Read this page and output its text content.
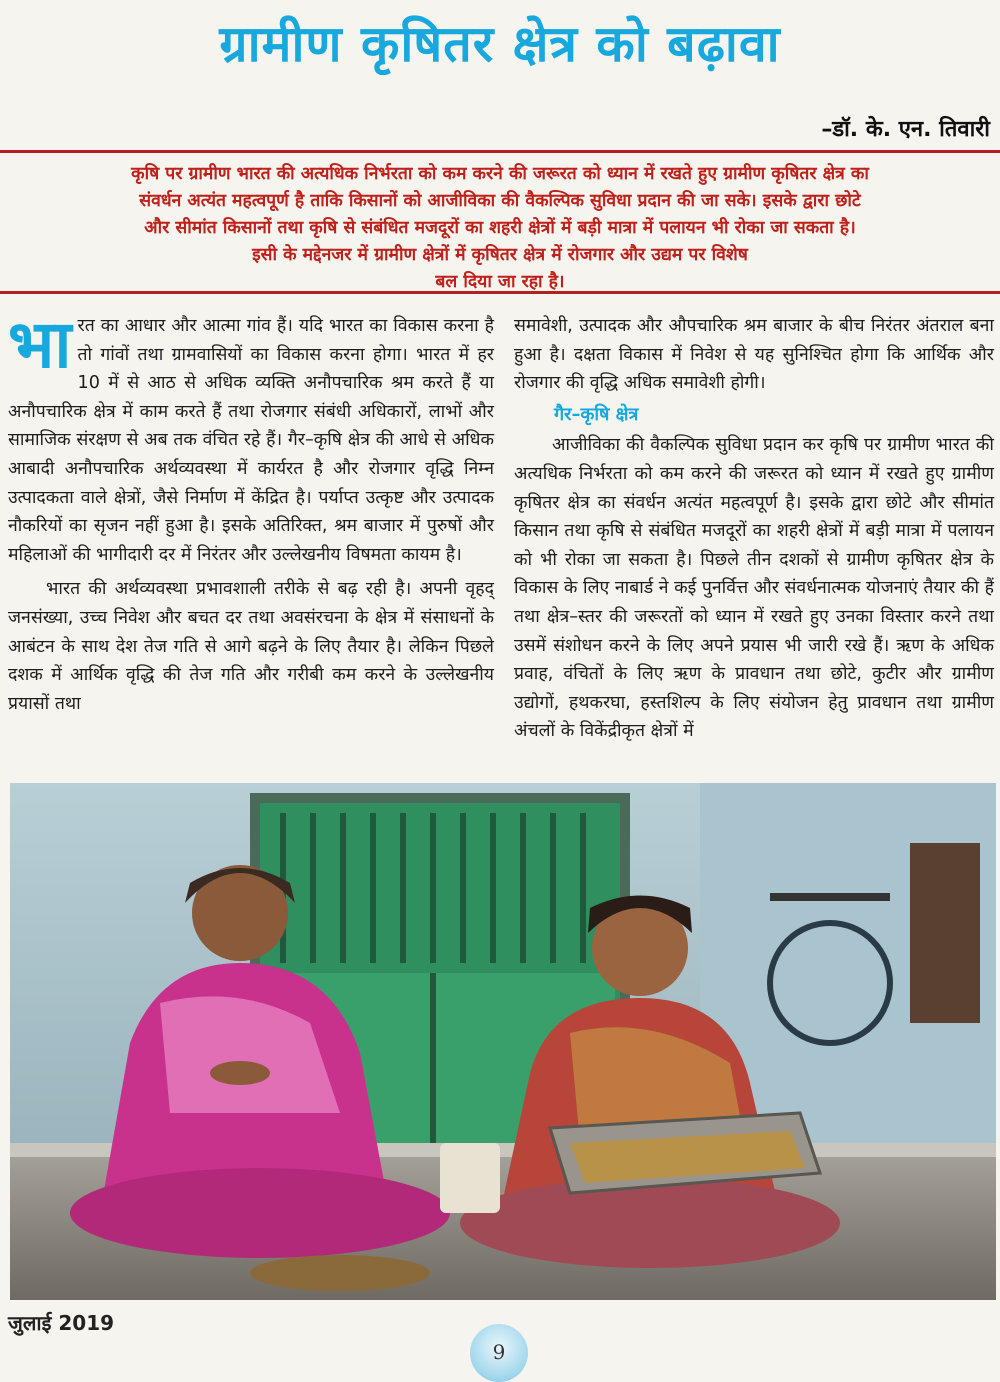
ग्रामीण कृषितर क्षेत्र को बढ़ावा
–डॉ. के. एन. तिवारी
कृषि पर ग्रामीण भारत की अत्यधिक निर्भरता को कम करने की जरूरत को ध्यान में रखते हुए ग्रामीण कृषितर क्षेत्र का
संवर्धन अत्यंत महत्वपूर्ण है ताकि किसानों को आजीविका की वैकल्पिक सुविधा प्रदान की जा सके। इसके द्वारा छोटे
और सीमांत किसानों तथा कृषि से संबंधित मजदूरों का शहरी क्षेत्रों में बड़ी मात्रा में पलायन भी रोका जा सकता है।
इसी के मद्देनजर में ग्रामीण क्षेत्रों में कृषितर क्षेत्र में रोजगार और उद्यम पर विशेष
बल दिया जा रहा है।

भारत का आधार और आत्मा गांव हैं। यदि भारत का विकास करना है तो गांवों तथा ग्रामवासियों का विकास करना होगा। भारत में हर 10 में से आठ से अधिक व्यक्ति अनौपचारिक श्रम करते हैं या अनौपचारिक क्षेत्र में काम करते हैं तथा रोजगार संबंधी अधिकारों, लाभों और सामाजिक संरक्षण से अब तक वंचित रहे हैं। गैर–कृषि क्षेत्र की आधे से अधिक आबादी अनौपचारिक अर्थव्यवस्था में कार्यरत है और रोजगार वृद्धि निम्न उत्पादकता वाले क्षेत्रों, जैसे निर्माण में केंद्रित है। पर्याप्त उत्कृष्ट और उत्पादक नौकरियों का सृजन नहीं हुआ है। इसके अतिरिक्त, श्रम बाजार में पुरुषों और महिलाओं की भागीदारी दर में निरंतर और उल्लेखनीय विषमता कायम है।

भारत की अर्थव्यवस्था प्रभावशाली तरीके से बढ़ रही है। अपनी वृहद् जनसंख्या, उच्च निवेश और बचत दर तथा अवसंरचना के क्षेत्र में संसाधनों के आबंटन के साथ देश तेज गति से आगे बढ़ने के लिए तैयार है। लेकिन पिछले दशक में आर्थिक वृद्धि की तेज गति और गरीबी कम करने के उल्लेखनीय प्रयासों तथा

समावेशी, उत्पादक और औपचारिक श्रम बाजार के बीच निरंतर अंतराल बना हुआ है। दक्षता विकास में निवेश से यह सुनिश्चित होगा कि आर्थिक और रोजगार की वृद्धि अधिक समावेशी होगी।

गैर–कृषि क्षेत्र

आजीविका की वैकल्पिक सुविधा प्रदान कर कृषि पर ग्रामीण भारत की अत्यधिक निर्भरता को कम करने की जरूरत को ध्यान में रखते हुए ग्रामीण कृषितर क्षेत्र का संवर्धन अत्यंत महत्वपूर्ण है। इसके द्वारा छोटे और सीमांत किसान तथा कृषि से संबंधित मजदूरों का शहरी क्षेत्रों में बड़ी मात्रा में पलायन को भी रोका जा सकता है। पिछले तीन दशकों से ग्रामीण कृषितर क्षेत्र के विकास के लिए नाबार्ड ने कई पुनर्वित्त और संवर्धनात्मक योजनाएं तैयार की हैं तथा क्षेत्र–स्तर की जरूरतों को ध्यान में रखते हुए उनका विस्तार करने तथा उसमें संशोधन करने के लिए अपने प्रयास भी जारी रखे हैं। ऋण के अधिक प्रवाह, वंचितों के लिए ऋण के प्रावधान तथा छोटे, कुटीर और ग्रामीण उद्योगों, हथकरघा, हस्तशिल्प के लिए संयोजन हेतु प्रावधान तथा ग्रामीण अंचलों के विकेंद्रीकृत क्षेत्रों में

जुलाई 2019
9
